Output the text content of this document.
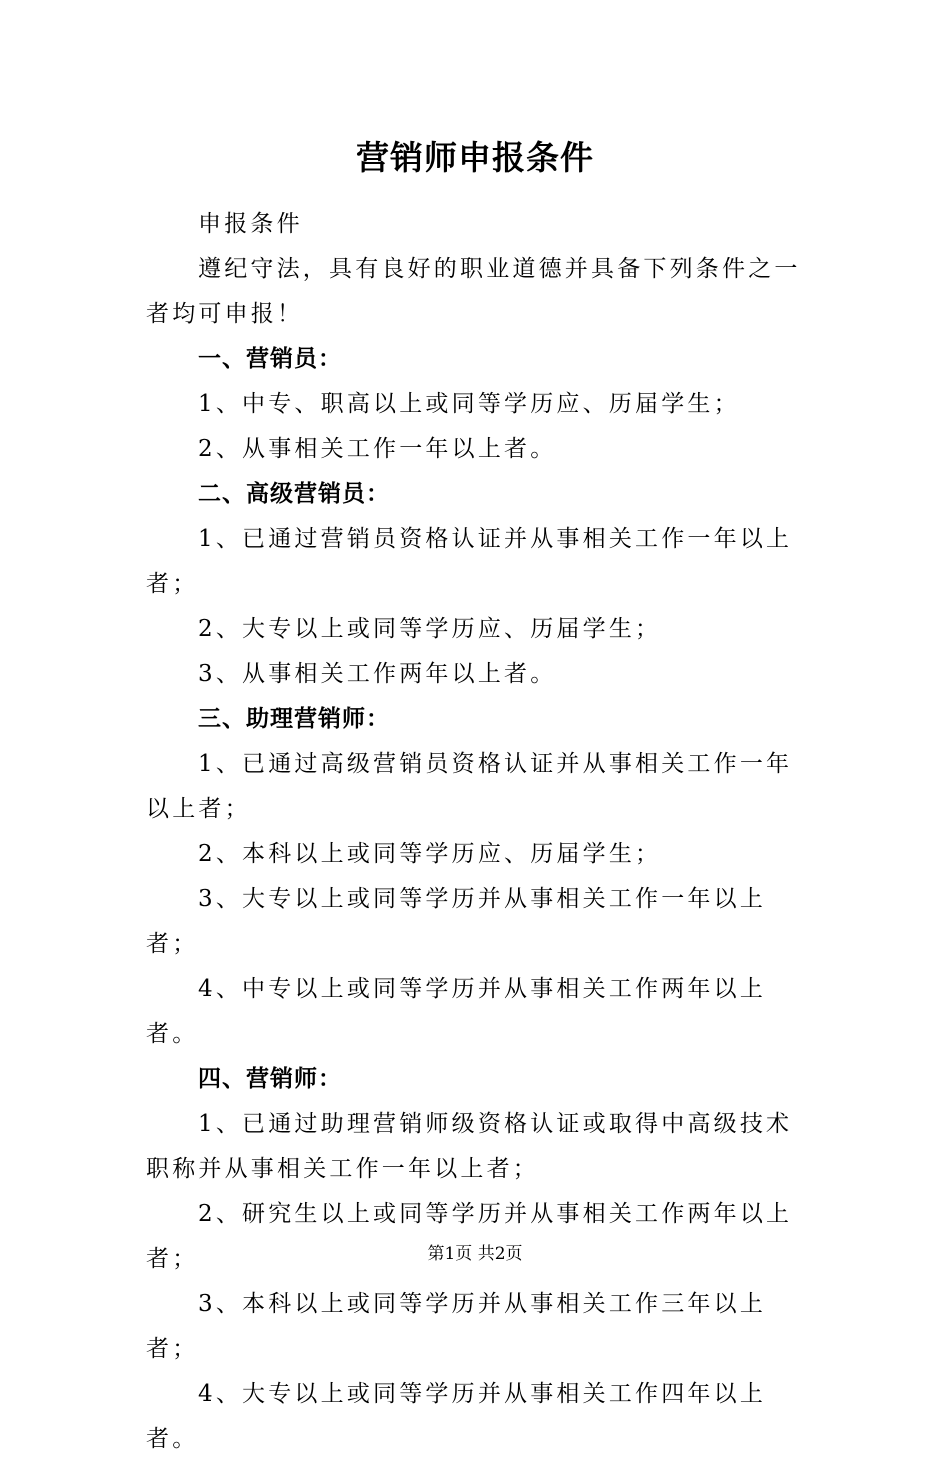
营销师申报条件

申报条件

遵纪守法，具有良好的职业道德并具备下列条件之一者均可申报！

一、营销员：

1、中专、职高以上或同等学历应、历届学生；

2、从事相关工作一年以上者。

二、高级营销员：

1、已通过营销员资格认证并从事相关工作一年以上者；

2、大专以上或同等学历应、历届学生；

3、从事相关工作两年以上者。

三、助理营销师：

1、已通过高级营销员资格认证并从事相关工作一年以上者；

2、本科以上或同等学历应、历届学生；

3、大专以上或同等学历并从事相关工作一年以上者；

4、中专以上或同等学历并从事相关工作两年以上者。

四、营销师：

1、已通过助理营销师级资格认证或取得中高级技术职称并从事相关工作一年以上者；

2、研究生以上或同等学历并从事相关工作两年以上者；

3、本科以上或同等学历并从事相关工作三年以上者；

4、大专以上或同等学历并从事相关工作四年以上者。

第1页 共2页
